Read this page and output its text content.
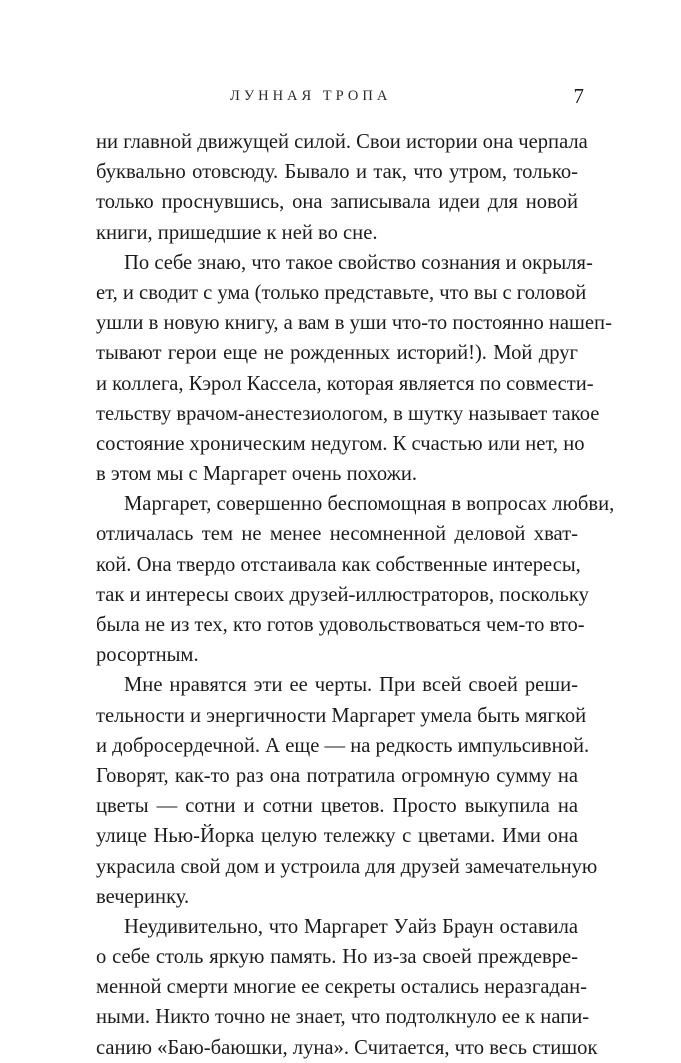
ЛУННАЯ ТРОПА	7
ни главной движущей силой. Свои истории она черпала
буквально отовсюду. Бывало и так, что утром, только-
только проснувшись, она записывала идеи для новой
книги, пришедшие к ней во сне.
По себе знаю, что такое свойство сознания и окрыля-
ет, и сводит с ума (только представьте, что вы с головой
ушли в новую книгу, а вам в уши что-то постоянно нашеп-
тывают герои еще не рожденных историй!). Мой друг
и коллега, Кэрол Кассела, которая является по совмести-
тельству врачом-анестезиологом, в шутку называет такое
состояние хроническим недугом. К счастью или нет, но
в этом мы с Маргарет очень похожи.
Маргарет, совершенно беспомощная в вопросах любви,
отличалась тем не менее несомненной деловой хват-
кой. Она твердо отстаивала как собственные интересы,
так и интересы своих друзей-иллюстраторов, поскольку
была не из тех, кто готов удовольствоваться чем-то вто-
росортным.
Мне нравятся эти ее черты. При всей своей реши-
тельности и энергичности Маргарет умела быть мягкой
и добросердечной. А еще — на редкость импульсивной.
Говорят, как-то раз она потратила огромную сумму на
цветы — сотни и сотни цветов. Просто выкупила на
улице Нью-Йорка целую тележку с цветами. Ими она
украсила свой дом и устроила для друзей замечательную
вечеринку.
Неудивительно, что Маргарет Уайз Браун оставила
о себе столь яркую память. Но из-за своей преждевре-
менной смерти многие ее секреты остались неразгадан-
ными. Никто точно не знает, что подтолкнуло ее к напи-
санию «Баю-баюшки, луна». Считается, что весь стишок
